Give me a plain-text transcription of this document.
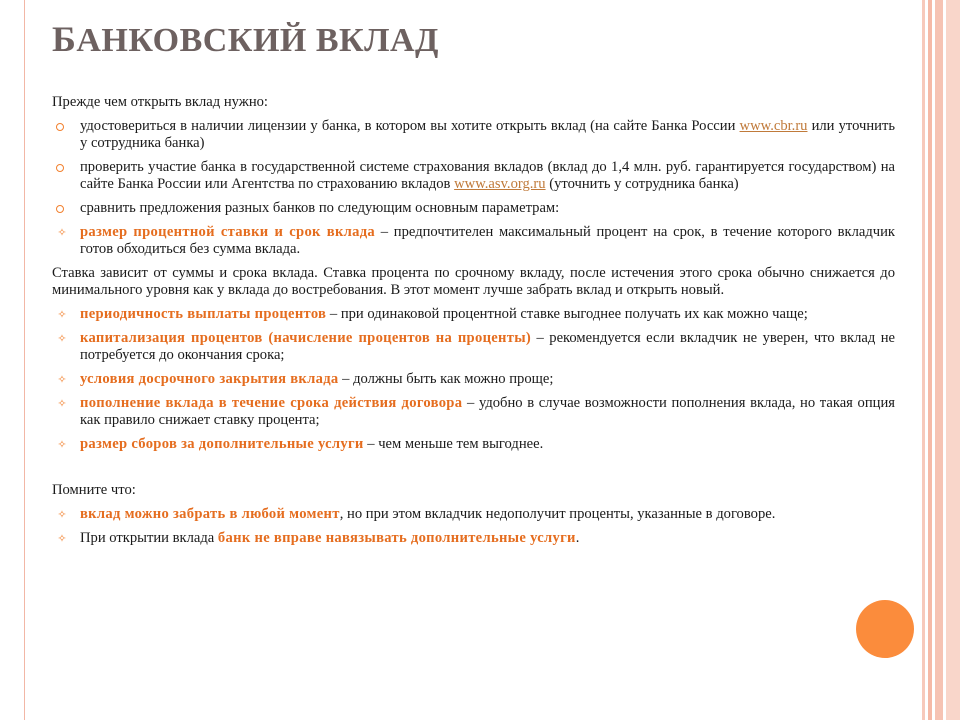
БАНКОВСКИЙ ВКЛАД

Прежде чем открыть вклад нужно:

удостовериться в наличии лицензии у банка, в котором вы хотите открыть вклад (на сайте Банка России www.cbr.ru или уточнить у сотрудника банка)
проверить участие банка в государственной системе страхования вкладов (вклад до 1,4 млн. руб. гарантируется государством) на сайте Банка России или Агентства по страхованию вкладов www.asv.org.ru (уточнить у сотрудника банка)
сравнить предложения разных банков по следующим основным параметрам:
✧ размер процентной ставки и срок вклада – предпочтителен максимальный процент на срок, в течение которого вкладчик готов обходиться без сумма вклада.

Ставка зависит от суммы и срока вклада. Ставка процента по срочному вкладу, после истечения этого срока обычно снижается до минимального уровня как у вклада до востребования. В этот момент лучше забрать вклад и открыть новый.

✧ периодичность выплаты процентов – при одинаковой процентной ставке выгоднее получать их как можно чаще;
✧ капитализация процентов (начисление процентов на проценты) – рекомендуется если вкладчик не уверен, что вклад не потребуется до окончания срока;
✧ условия досрочного закрытия вклада – должны быть как можно проще;
✧ пополнение вклада в течение срока действия договора – удобно в случае возможности пополнения вклада, но такая опция как правило снижает ставку процента;
✧ размер сборов за дополнительные услуги – чем меньше тем выгоднее.

Помните что:

✧ вклад можно забрать в любой момент, но при этом вкладчик недополучит проценты, указанные в договоре.
✧ При открытии вклада банк не вправе навязывать дополнительные услуги.
